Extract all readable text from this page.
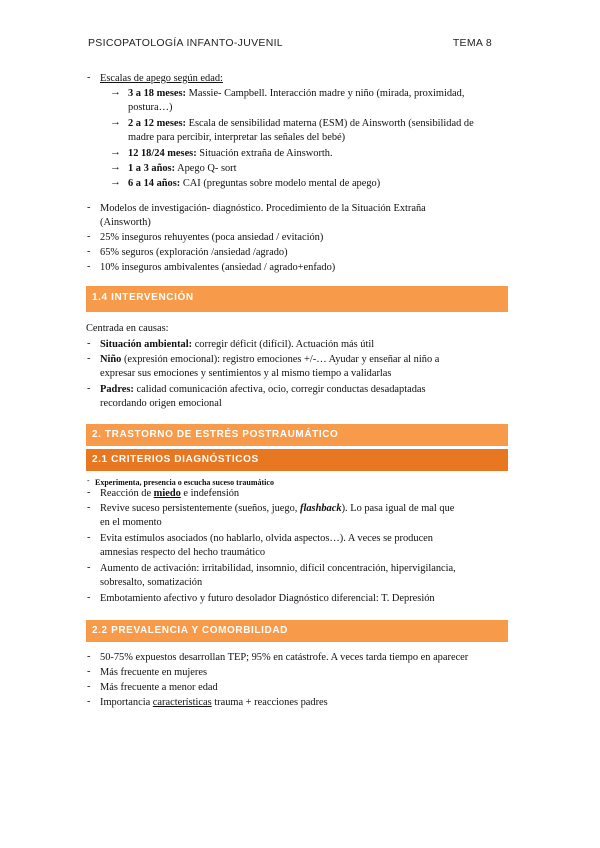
PSICOPATOLOGÍA INFANTO-JUVENIL	TEMA 8
- Escalas de apego según edad:
→ 3 a 18 meses: Massie- Campbell. Interacción madre y niño (mirada, proximidad,
postura…)
→ 2 a 12 meses: Escala de sensibilidad materna (ESM) de Ainsworth (sensibilidad de
madre para percibir, interpretar las señales del bebé)
→ 12 18/24 meses: Situación extraña de Ainsworth.
→ 1 a 3 años: Apego Q- sort
→ 6 a 14 años: CAI (preguntas sobre modelo mental de apego)
- Modelos de investigación- diagnóstico. Procedimiento de la Situación Extraña
(Ainsworth)
- 25% inseguros rehuyentes (poca ansiedad / evitación)
- 65% seguros (exploración /ansiedad /agrado)
- 10% inseguros ambivalentes (ansiedad / agrado+enfado)
1.4 INTERVENCIÓN
Centrada en causas:
- Situación ambiental: corregir déficit (difícil). Actuación más útil
- Niño (expresión emocional): registro emociones +/-… Ayudar y enseñar al niño a
expresar sus emociones y sentimientos y al mismo tiempo a validarlas
- Padres: calidad comunicación afectiva, ocio, corregir conductas desadaptadas
recordando origen emocional
2. TRASTORNO DE ESTRÉS POSTRAUMÁTICO
2.1 CRITERIOS DIAGNÓSTICOS
- Experimenta, presencia o escucha suceso traumático
- Reacción de miedo e indefensión
- Revive suceso persistentemente (sueños, juego, flashback). Lo pasa igual de mal que
en el momento
- Evita estímulos asociados (no hablarlo, olvida aspectos…). A veces se producen
amnesias respecto del hecho traumático
- Aumento de activación: irritabilidad, insomnio, difícil concentración, hipervigilancia,
sobresalto, somatización
- Embotamiento afectivo y futuro desolador Diagnóstico diferencial: T. Depresión
2.2 PREVALENCIA Y COMORBILIDAD
- 50-75% expuestos desarrollan TEP; 95% en catástrofe. A veces tarda tiempo en aparecer
- Más frecuente en mujeres
- Más frecuente a menor edad
- Importancia características trauma + reacciones padres
